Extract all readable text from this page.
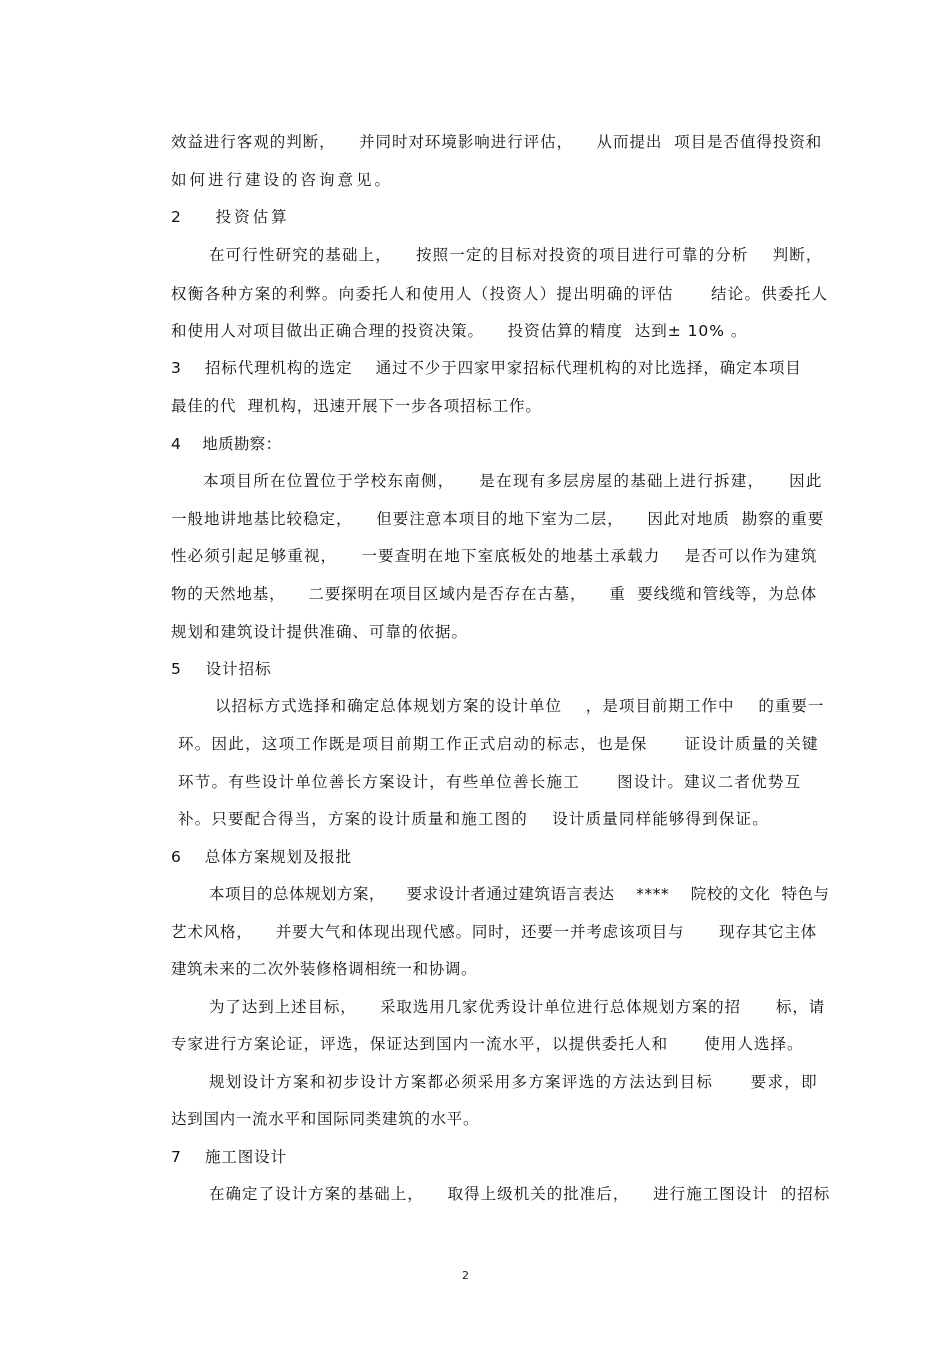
效益进行客观的判断，    并同时对环境影响进行评估，    从而提出  项目是否值得投资和
如何进行建设的咨询意见。
2    投资估算
在可行性研究的基础上，    按照一定的目标对投资的项目进行可靠的分析    判断，
权衡各种方案的利弊。向委托人和使用人（投资人）提出明确的评估      结论。供委托人
和使用人对项目做出正确合理的投资决策。    投资估算的精度  达到± 10% 。
3    招标代理机构的选定    通过不少于四家甲家招标代理机构的对比选择，确定本项目
最佳的代  理机构，迅速开展下一步各项招标工作。
4    地质勘察：
本项目所在位置位于学校东南侧，    是在现有多层房屋的基础上进行拆建，    因此
一般地讲地基比较稳定，    但要注意本项目的地下室为二层，    因此对地质  勘察的重要
性必须引起足够重视，    一要查明在地下室底板处的地基土承载力    是否可以作为建筑
物的天然地基，    二要探明在项目区域内是否存在古墓，    重  要线缆和管线等，为总体
规划和建筑设计提供准确、可靠的依据。
5    设计招标
以招标方式选择和确定总体规划方案的设计单位    ，是项目前期工作中    的重要一
环。因此，这项工作既是项目前期工作正式启动的标志，也是保      证设计质量的关键
环节。有些设计单位善长方案设计，有些单位善长施工      图设计。建议二者优势互
补。只要配合得当，方案的设计质量和施工图的    设计质量同样能够得到保证。
6    总体方案规划及报批
本项目的总体规划方案，    要求设计者通过建筑语言表达    ****    院校的文化  特色与
艺术风格，    并要大气和体现出现代感。同时，还要一并考虑该项目与      现存其它主体
建筑未来的二次外装修格调相统一和协调。
为了达到上述目标，    采取选用几家优秀设计单位进行总体规划方案的招      标，请
专家进行方案论证，评选，保证达到国内一流水平，以提供委托人和      使用人选择。
规划设计方案和初步设计方案都必须采用多方案评选的方法达到目标      要求，即
达到国内一流水平和国际同类建筑的水平。
7    施工图设计
在确定了设计方案的基础上，    取得上级机关的批准后，    进行施工图设计  的招标
2
